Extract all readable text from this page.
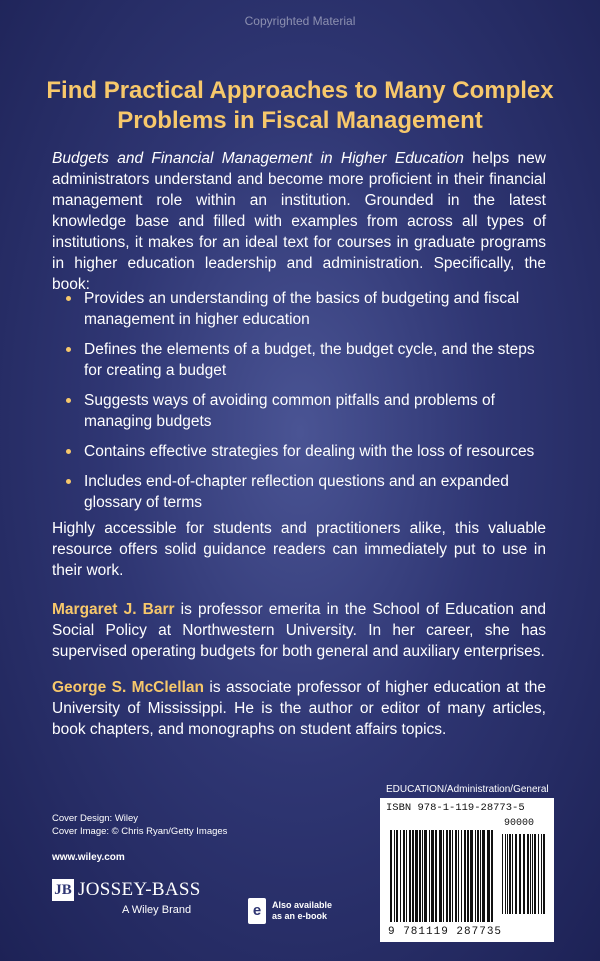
Copyrighted Material
Find Practical Approaches to Many Complex
Problems in Fiscal Management

Budgets and Financial Management in Higher Education helps new administrators understand and become more proficient in their financial management role within an institution. Grounded in the latest knowledge base and filled with examples from across all types of institutions, it makes for an ideal text for courses in graduate programs in higher education leadership and administration. Specifically, the book:

Provides an understanding of the basics of budgeting and fiscal management in higher education
Defines the elements of a budget, the budget cycle, and the steps for creating a budget
Suggests ways of avoiding common pitfalls and problems of managing budgets
Contains effective strategies for dealing with the loss of resources
Includes end-of-chapter reflection questions and an expanded glossary of terms

Highly accessible for students and practitioners alike, this valuable resource offers solid guidance readers can immediately put to use in their work.

Margaret J. Barr is professor emerita in the School of Education and Social Policy at Northwestern University. In her career, she has supervised operating budgets for both general and auxiliary enterprises.

George S. McClellan is associate professor of higher education at the University of Mississippi. He is the author or editor of many articles, book chapters, and monographs on student affairs topics.

EDUCATION/Administration/General
Cover Design: Wiley
Cover Image: © Chris Ryan/Getty Images
www.wiley.com
JB JOSSEY-BASS
A Wiley Brand	e	Also available
as an e-book
ISBN 978-1-119-28773-5
90000
9 781119 287735
